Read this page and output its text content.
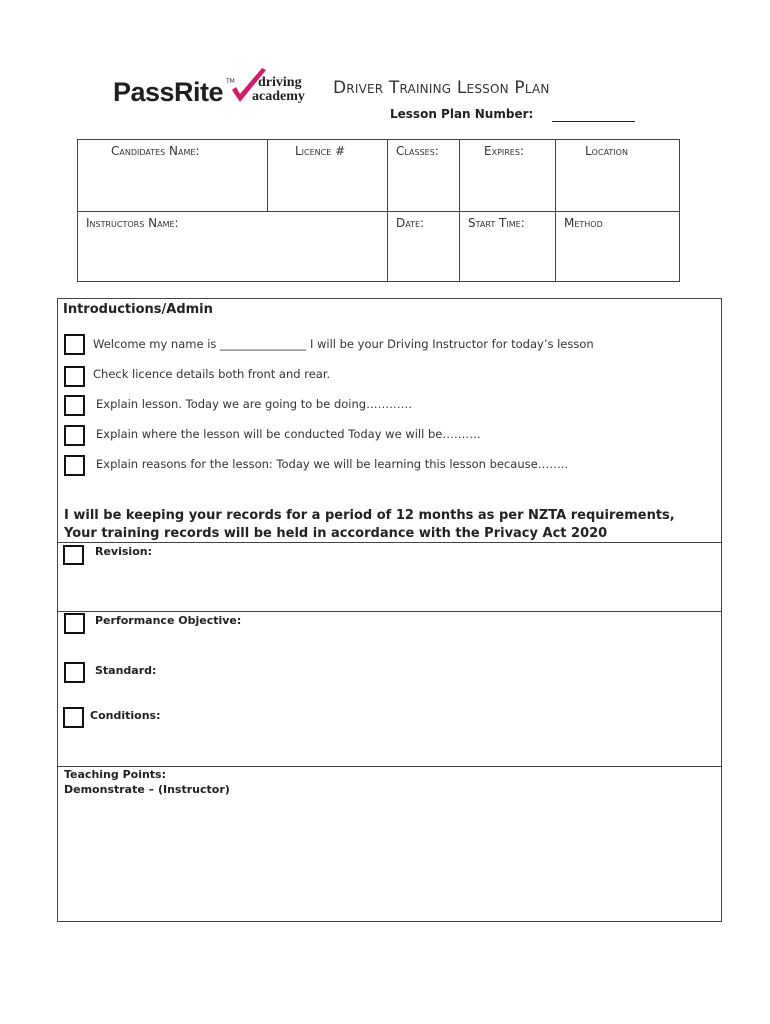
PassRite TM driving
academy Driver Training Lesson Plan
Lesson Plan Number:
Candidates Name:	Licence #	Classes:	Expires:	Location
Instructors Name:	Date:	Start Time:	Method
Introductions/Admin
Welcome my name is _______________ I will be your Driving Instructor for today’s lesson
Check licence details both front and rear.
Explain lesson. Today we are going to be doing…………
Explain where the lesson will be conducted Today we will be……….
Explain reasons for the lesson: Today we will be learning this lesson because……..
I will be keeping your records for a period of 12 months as per NZTA requirements,
Your training records will be held in accordance with the Privacy Act 2020
Revision:
Performance Objective:
Standard:
Conditions:
Teaching Points:
Demonstrate – (Instructor)
